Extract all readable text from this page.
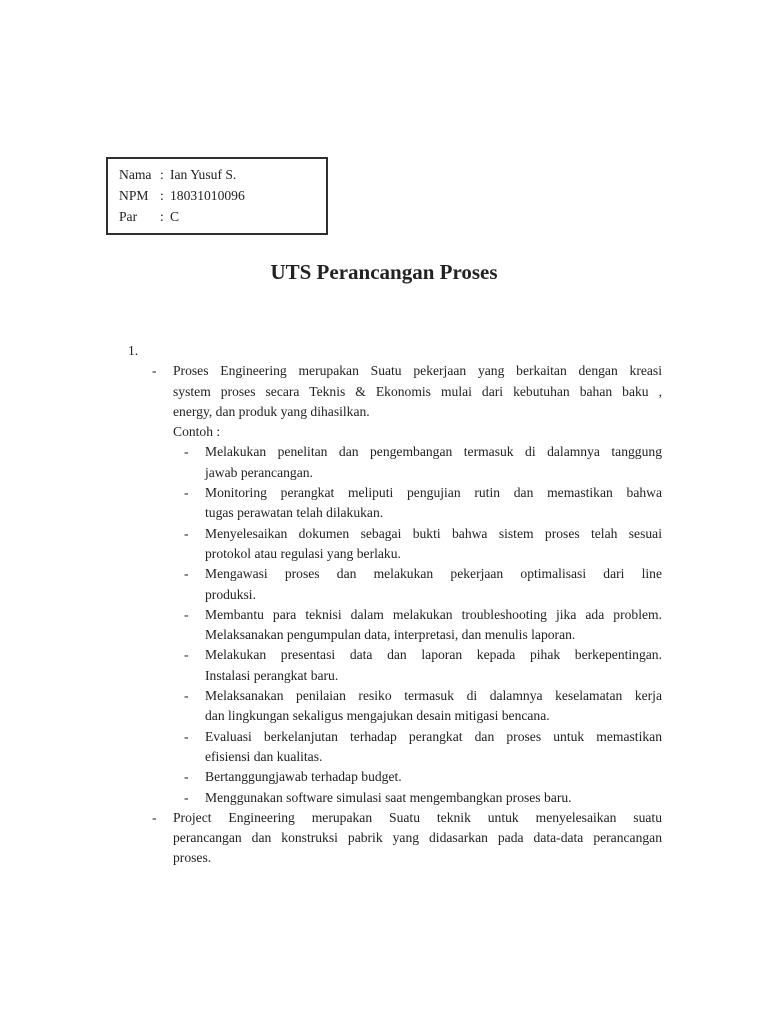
Nama : Ian Yusuf S.
NPM : 18031010096
Par	: C
UTS Perancangan Proses
1.
- Proses Engineering merupakan Suatu pekerjaan yang berkaitan dengan kreasi
system proses secara Teknis & Ekonomis mulai dari kebutuhan bahan baku ,
energy, dan produk yang dihasilkan.
Contoh :
- Melakukan penelitan dan pengembangan termasuk di dalamnya tanggung
jawab perancangan.
- Monitoring perangkat meliputi pengujian rutin dan memastikan bahwa
tugas perawatan telah dilakukan.
- Menyelesaikan dokumen sebagai bukti bahwa sistem proses telah sesuai
protokol atau regulasi yang berlaku.
- Mengawasi proses dan melakukan pekerjaan optimalisasi dari line
produksi.
- Membantu para teknisi dalam melakukan troubleshooting jika ada problem.
Melaksanakan pengumpulan data, interpretasi, dan menulis laporan.
- Melakukan presentasi data dan laporan kepada pihak berkepentingan.
Instalasi perangkat baru.
- Melaksanakan penilaian resiko termasuk di dalamnya keselamatan kerja
dan lingkungan sekaligus mengajukan desain mitigasi bencana.
- Evaluasi berkelanjutan terhadap perangkat dan proses untuk memastikan
efisiensi dan kualitas.
- Bertanggungjawab terhadap budget.
- Menggunakan software simulasi saat mengembangkan proses baru.
- Project Engineering merupakan Suatu teknik untuk menyelesaikan suatu
perancangan dan konstruksi pabrik yang didasarkan pada data-data perancangan
proses.
